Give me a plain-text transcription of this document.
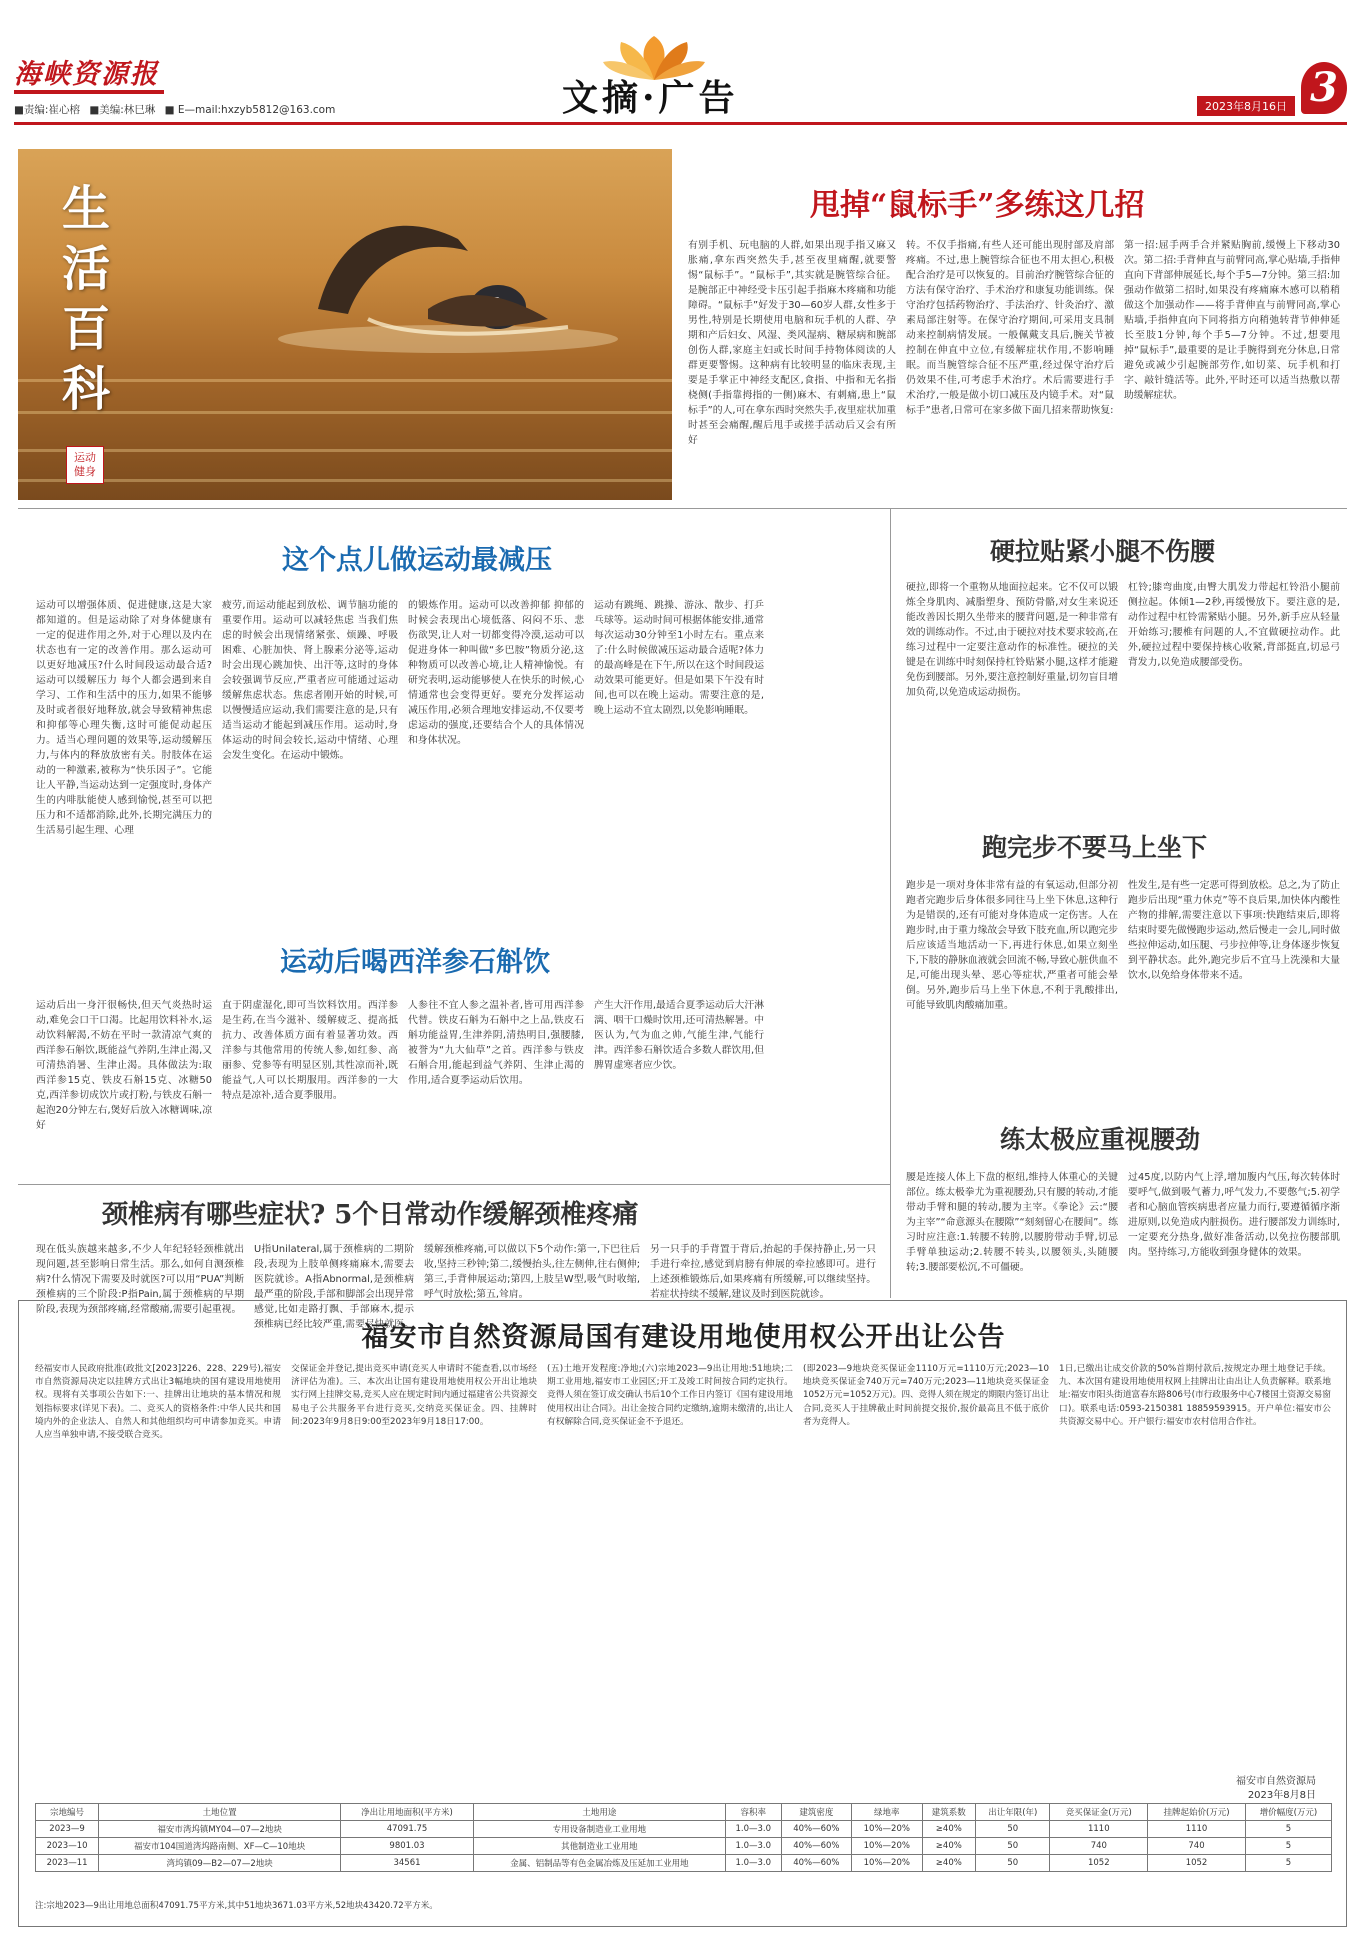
海峡资源报
■责编:崔心榕 ■美编:林巳琳 ■ E—mail:hxzyb5812@163.com	文摘·广告	2023年8月16日 3
生活百科
运动健身
甩掉“鼠标手”多练这几招
有别手机、玩电脑的人群,如果出现手指又麻又胀痛,拿东西突然失手,甚至夜里痛醒,就要警惕“鼠标手”。“鼠标手”,其实就是腕管综合征。是腕部正中神经受卡压引起手指麻木疼痛和功能障碍。“鼠标手”好发于30—60岁人群,女性多于男性,特别是长期使用电脑和玩手机的人群、孕期和产后妇女、风湿、类风湿病、糖尿病和腕部创伤人群,家庭主妇或长时间手持物体阅读的人群更要警惕。这种病有比较明显的临床表现,主要是手掌正中神经支配区,食指、中指和无名指桡侧(手指靠拇指的一侧)麻木、有刺痛,患上“鼠标手”的人,可在拿东西时突然失手,夜里症状加重时甚至会痛醒,醒后甩手或搓手活动后又会有所好
转。不仅手指痛,有些人还可能出现肘部及肩部疼痛。不过,患上腕管综合征也不用太担心,积极配合治疗是可以恢复的。目前治疗腕管综合征的方法有保守治疗、手术治疗和康复功能训练。保守治疗包括药物治疗、手法治疗、针灸治疗、激素局部注射等。在保守治疗期间,可采用支具制动来控制病情发展。一般佩戴支具后,腕关节被控制在伸直中立位,有缓解症状作用,不影响睡眠。而当腕管综合征不压严重,经过保守治疗后仍效果不佳,可考虑手术治疗。术后需要进行手术治疗,一般是做小切口减压及内镜手术。对“鼠标手”患者,日常可在家多做下面几招来帮助恢复:
第一招:屈手两手合并紧贴胸前,缓慢上下移动30次。第二招:手背伸直与前臂同高,掌心贴墙,手指伸直向下背部伸展延长,每个手5—7分钟。第三招:加强动作做第二招时,如果没有疼痛麻木感可以稍稍做这个加强动作——将手背伸直与前臂同高,掌心贴墙,手指伸直向下同将指方向稍弛转背节伸伸延长至肢1分钟,每个手5—7分钟。不过,想要甩掉“鼠标手”,最重要的是让手腕得到充分休息,日常避免或减少引起腕部劳作,如切菜、玩手机和打字、敲针缝活等。此外,平时还可以适当热敷以帮助缓解症状。
这个点儿做运动最减压
运动可以增强体质、促进健康,这是大家都知道的。但是运动除了对身体健康有一定的促进作用之外,对于心理以及内在状态也有一定的改善作用。那么运动可以更好地减压?什么时间段运动最合适?运动可以缓解压力 每个人都会遇到来自学习、工作和生活中的压力,如果不能够及时或者很好地释放,就会导致精神焦虑和抑郁等心理失衡,这时可能促动起压力。适当心理问题的效果等,运动缓解压力,与体内的释放放密有关。肘肢体在运动的一种激素,被称为“快乐因子”。它能让人平静,当运动达到一定强度时,身体产生的内啡肽能使人感到愉悦,甚至可以把压力和不适都消除,此外,长期完满压力的生活易引起生理、心理
疲劳,而运动能起到放松、调节脑功能的重要作用。运动可以减轻焦虑 当我们焦虑的时候会出现情绪紧张、烦躁、呼吸困难、心脏加快、肾上腺素分泌等,运动时会出现心跳加快、出汗等,这时的身体会较强调节反应,严重者应可能通过运动缓解焦虑状态。焦虑者刚开始的时候,可以慢慢适应运动,我们需要注意的是,只有适当运动才能起到减压作用。运动时,身体运动的时间会较长,运动中情绪、心理会发生变化。在运动中锻炼。
的锻炼作用。运动可以改善抑郁 抑郁的时候会表现出心境低落、闷闷不乐、悲伤欲哭,让人对一切都变得冷漠,运动可以促进身体一种叫做“多巴胺”物质分泌,这种物质可以改善心境,让人精神愉悦。有研究表明,运动能够使人在快乐的时候,心情通常也会变得更好。要充分发挥运动减压作用,必须合理地安排运动,不仅要考虑运动的强度,还要结合个人的具体情况和身体状况。
运动有跳绳、跳操、游泳、散步、打乒乓球等。运动时间可根据体能安排,通常每次运动30分钟至1小时左右。重点来了:什么时候做减压运动最合适呢?体力的最高峰是在下午,所以在这个时间段运动效果可能更好。但是如果下午没有时间,也可以在晚上运动。需要注意的是,晚上运动不宜太剧烈,以免影响睡眠。
硬拉贴紧小腿不伤腰
硬拉,即将一个重物从地面拉起来。它不仅可以锻炼全身肌肉、减脂塑身、预防骨骼,对女生来说还能改善因长期久坐带来的腰背问题,是一种非常有效的训练动作。不过,由于硬拉对技术要求较高,在练习过程中一定要注意动作的标准性。硬拉的关键是在训练中时刻保持杠铃贴紧小腿,这样才能避免伤到腰部。另外,要注意控制好重量,切勿盲目增加负荷,以免造成运动损伤。
杠铃;膝弯曲度,由臀大肌发力带起杠铃沿小腿前侧拉起。体倾1—2秒,再缓慢放下。要注意的是,动作过程中杠铃需紧贴小腿。另外,新手应从轻量开始练习;腰椎有问题的人,不宜做硬拉动作。此外,硬拉过程中要保持核心收紧,背部挺直,切忌弓背发力,以免造成腰部受伤。
跑完步不要马上坐下
跑步是一项对身体非常有益的有氧运动,但部分初跑者完跑步后身体很多同往马上坐下休息,这种行为是错误的,还有可能对身体造成一定伤害。人在跑步时,由于重力缘故会导致下肢充血,所以跑完步后应该适当地活动一下,再进行休息,如果立刻坐下,下肢的静脉血液就会回流不畅,导致心脏供血不足,可能出现头晕、恶心等症状,严重者可能会晕倒。另外,跑步后马上坐下休息,不利于乳酸排出,可能导致肌肉酸痛加重。
性发生,是有些一定恶可得到放松。总之,为了防止跑步后出现“重力休克”等不良后果,加快体内酸性产物的排解,需要注意以下事项:快跑结束后,即将结束时要先做慢跑步运动,然后慢走一会儿,同时做些拉伸运动,如压腿、弓步拉伸等,让身体逐步恢复到平静状态。此外,跑完步后不宜马上洗澡和大量饮水,以免给身体带来不适。
运动后喝西洋参石斛饮
运动后出一身汗很畅快,但天气炎热时运动,难免会口干口渴。比起用饮料补水,运动饮料解渴,不妨在平时一款清凉气爽的西洋参石斛饮,既能益气养阴,生津止渴,又可清热消暑、生津止渴。具体做法为:取西洋参15克、铁皮石斛15克、冰糖50克,西洋参切成饮片或打粉,与铁皮石斛一起泡20分钟左右,煲好后放入冰糖调味,凉好
直于阴虚湿化,即可当饮料饮用。西洋参是生药,在当今滋补、缓解疲乏、提高抵抗力、改善体质方面有着显著功效。西洋参与其他常用的传统人参,如红参、高丽参、党参等有明显区别,其性凉而补,既能益气,人可以长期服用。西洋参的一大特点是凉补,适合夏季服用。
人参往不宜人参之温补者,皆可用西洋参代替。铁皮石斛为石斛中之上品,铁皮石斛功能益胃,生津养阴,清热明目,强腰膝,被誉为“九大仙草”之首。西洋参与铁皮石斛合用,能起到益气养阴、生津止渴的作用,适合夏季运动后饮用。
产生大汗作用,最适合夏季运动后大汗淋漓、咽干口燥时饮用,还可清热解暑。中医认为,气为血之帅,气能生津,气能行津。西洋参石斛饮适合多数人群饮用,但脾胃虚寒者应少饮。
练太极应重视腰劲
腰是连接人体上下盘的枢纽,维持人体重心的关键部位。练太极拳尤为重视腰劲,只有腰的转动,才能带动手臂和腿的转动,腰为主宰。《拳论》云:“腰为主宰”“命意源头在腰隙”“刻刻留心在腰间”。练习时应注意:1.转腰不转胯,以腰胯带动手臂,切忌手臂单独运动;2.转腰不转头,以腰领头,头随腰转;3.腰部要松沉,不可僵硬。
过45度,以防内气上浮,增加腹内气压,每次转体时要呼气,做到吸气蓄力,呼气发力,不要憋气;5.初学者和心脑血管疾病患者应量力而行,要遵循循序渐进原则,以免造成内脏损伤。进行腰部发力训练时,一定要充分热身,做好准备活动,以免拉伤腰部肌肉。坚持练习,方能收到强身健体的效果。
颈椎病有哪些症状? 5个日常动作缓解颈椎疼痛
现在低头族越来越多,不少人年纪轻轻颈椎就出现问题,甚至影响日常生活。那么,如何自测颈椎病?什么情况下需要及时就医?可以用“PUA”判断颈椎病的三个阶段:P指Pain,属于颈椎病的早期阶段,表现为颈部疼痛,经常酸痛,需要引起重视。
U指Unilateral,属于颈椎病的二期阶段,表现为上肢单侧疼痛麻木,需要去医院就诊。A指Abnormal,是颈椎病最严重的阶段,手部和脚部会出现异常感觉,比如走路打飘、手部麻木,提示颈椎病已经比较严重,需要尽快就医。
缓解颈椎疼痛,可以做以下5个动作:第一,下巴往后收,坚持三秒钟;第二,缓慢抬头,往左侧伸,往右侧伸;第三,手背伸展运动;第四,上肢呈W型,吸气时收缩,呼气时放松;第五,耸肩。
另一只手的手背置于背后,抬起的手保持静止,另一只手进行牵拉,感觉到肩膀有伸展的牵拉感即可。进行上述颈椎锻炼后,如果疼痛有所缓解,可以继续坚持。若症状持续不缓解,建议及时到医院就诊。
福安市自然资源局国有建设用地使用权公开出让公告
经福安市人民政府批准(政批文[2023]226、228、229号),福安市自然资源局决定以挂牌方式出让3幅地块的国有建设用地使用权。现将有关事项公告如下:一、挂牌出让地块的基本情况和规划指标要求(详见下表)。二、竞买人的资格条件:中华人民共和国境内外的企业法人、自然人和其他组织均可申请参加竞买。申请人应当单独申请,不接受联合竞买。
交保证金并登记,提出竞买申请(竞买人申请时不能查看,以市场经济评估为准)。三、本次出让国有建设用地使用权公开出让地块实行网上挂牌交易,竞买人应在规定时间内通过福建省公共资源交易电子公共服务平台进行竞买,交纳竞买保证金。四、挂牌时间:2023年9月8日9:00至2023年9月18日17:00。
(五)土地开发程度:净地;(六)宗地2023—9出让用地:51地块;二期工业用地,福安市工业园区;开工及竣工时间按合同约定执行。竞得人须在签订成交确认书后10个工作日内签订《国有建设用地使用权出让合同》。出让金按合同约定缴纳,逾期未缴清的,出让人有权解除合同,竞买保证金不予退还。
(即2023—9地块竞买保证金1110万元=1110万元;2023—10地块竞买保证金740万元=740万元;2023—11地块竞买保证金1052万元=1052万元)。四、竞得人须在规定的期限内签订出让合同,竞买人于挂牌截止时间前提交报价,报价最高且不低于底价者为竞得人。
1日,已缴出让成交价款的50%首期付款后,按规定办理土地登记手续。九、本次国有建设用地使用权网上挂牌出让由出让人负责解释。联系地址:福安市阳头街道富春东路806号(市行政服务中心7楼国土资源交易窗口)。联系电话:0593-2150381 18859593915。开户单位:福安市公共资源交易中心。开户银行:福安市农村信用合作社。
福安市自然资源局
2023年8月8日
宗地编号	土地位置	净出让用地面积(平方米)	土地用途	容积率	建筑密度	绿地率	建筑系数	出让年限(年)	竞买保证金(万元)	挂牌起始价(万元)	增价幅度(万元)
2023—9	福安市湾坞镇MY04—07—2地块	47091.75	专用设备制造业工业用地	1.0—3.0	40%—60%	10%—20%	≥40%	50	1110	1110	5
2023—10	福安市104国道湾坞路南侧、XF—C—10地块	9801.03	其他制造业工业用地	1.0—3.0	40%—60%	10%—20%	≥40%	50	740	740	5
2023—11	湾坞镇09—B2—07—2地块	34561	金属、铝制品等有色金属冶炼及压延加工业用地	1.0—3.0	40%—60%	10%—20%	≥40%	50	1052	1052	5
注:宗地2023—9出让用地总面积47091.75平方米,其中51地块3671.03平方米,52地块43420.72平方米。
